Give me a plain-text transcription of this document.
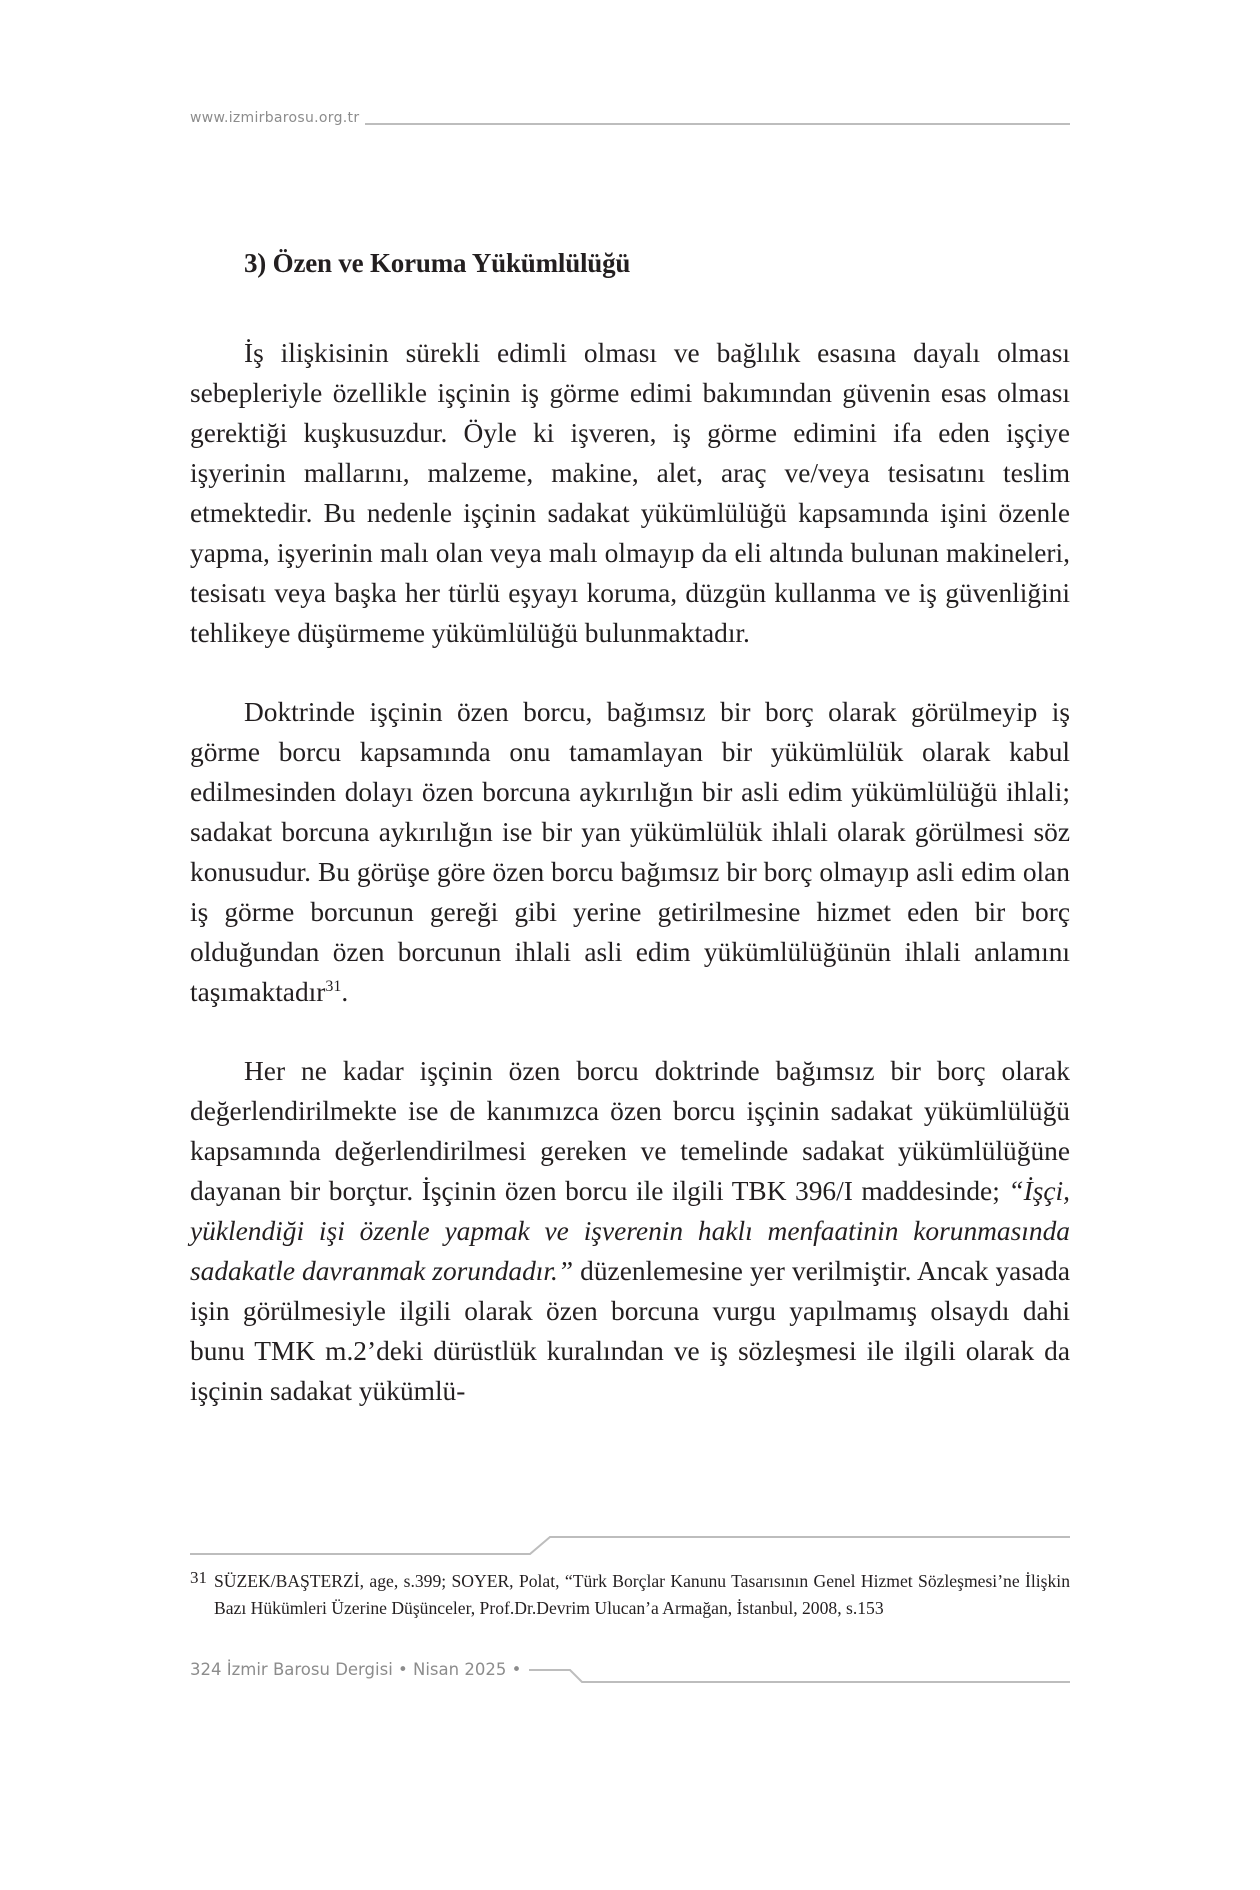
www.izmirbarosu.org.tr
3) Özen ve Koruma Yükümlülüğü

İş ilişkisinin sürekli edimli olması ve bağlılık esasına dayalı olması sebepleriyle özellikle işçinin iş görme edimi bakımından güvenin esas olması gerektiği kuşkusuzdur. Öyle ki işveren, iş görme edimini ifa eden işçiye işyerinin mallarını, malzeme, makine, alet, araç ve/veya tesisatını teslim etmektedir. Bu nedenle işçinin sadakat yükümlülüğü kapsamında işini özenle yapma, işyerinin malı olan veya malı olmayıp da eli altında bulunan makineleri, tesisatı veya başka her türlü eşyayı koruma, düzgün kullanma ve iş güvenliğini tehlikeye düşürmeme yükümlülüğü bulunmaktadır.

Doktrinde işçinin özen borcu, bağımsız bir borç olarak görülmeyip iş görme borcu kapsamında onu tamamlayan bir yükümlülük olarak kabul edilmesinden dolayı özen borcuna aykırılığın bir asli edim yükümlülüğü ihlali; sadakat borcuna aykırılığın ise bir yan yükümlülük ihlali olarak görülmesi söz konusudur. Bu görüşe göre özen borcu bağımsız bir borç olmayıp asli edim olan iş görme borcunun gereği gibi yerine getirilmesine hizmet eden bir borç olduğundan özen borcunun ihlali asli edim yükümlülüğünün ihlali anlamını taşımaktadır$^{31}$.

Her ne kadar işçinin özen borcu doktrinde bağımsız bir borç olarak değerlendirilmekte ise de kanımızca özen borcu işçinin sadakat yükümlülüğü kapsamında değerlendirilmesi gereken ve temelinde sadakat yükümlülüğüne dayanan bir borçtur. İşçinin özen borcu ile ilgili TBK 396/I maddesinde; “İşçi, yüklendiği işi özenle yapmak ve işverenin haklı menfaatinin korunmasında sadakatle davranmak zorundadır.” düzenlemesine yer verilmiştir. Ancak yasada işin görülmesiyle ilgili olarak özen borcuna vurgu yapılmamış olsaydı dahi bunu TMK m.2’deki dürüstlük kuralından ve iş sözleşmesi ile ilgili olarak da işçinin sadakat yükümlü-

31 SÜZEK/BAŞTERZİ, age, s.399; SOYER, Polat, “Türk Borçlar Kanunu Tasarısının Genel Hizmet Sözleşmesi’ne İlişkin Bazı Hükümleri Üzerine Düşünceler, Prof.Dr.Devrim Ulucan’a Armağan, İstanbul, 2008, s.153
324 İzmir Barosu Dergisi • Nisan 2025 •
